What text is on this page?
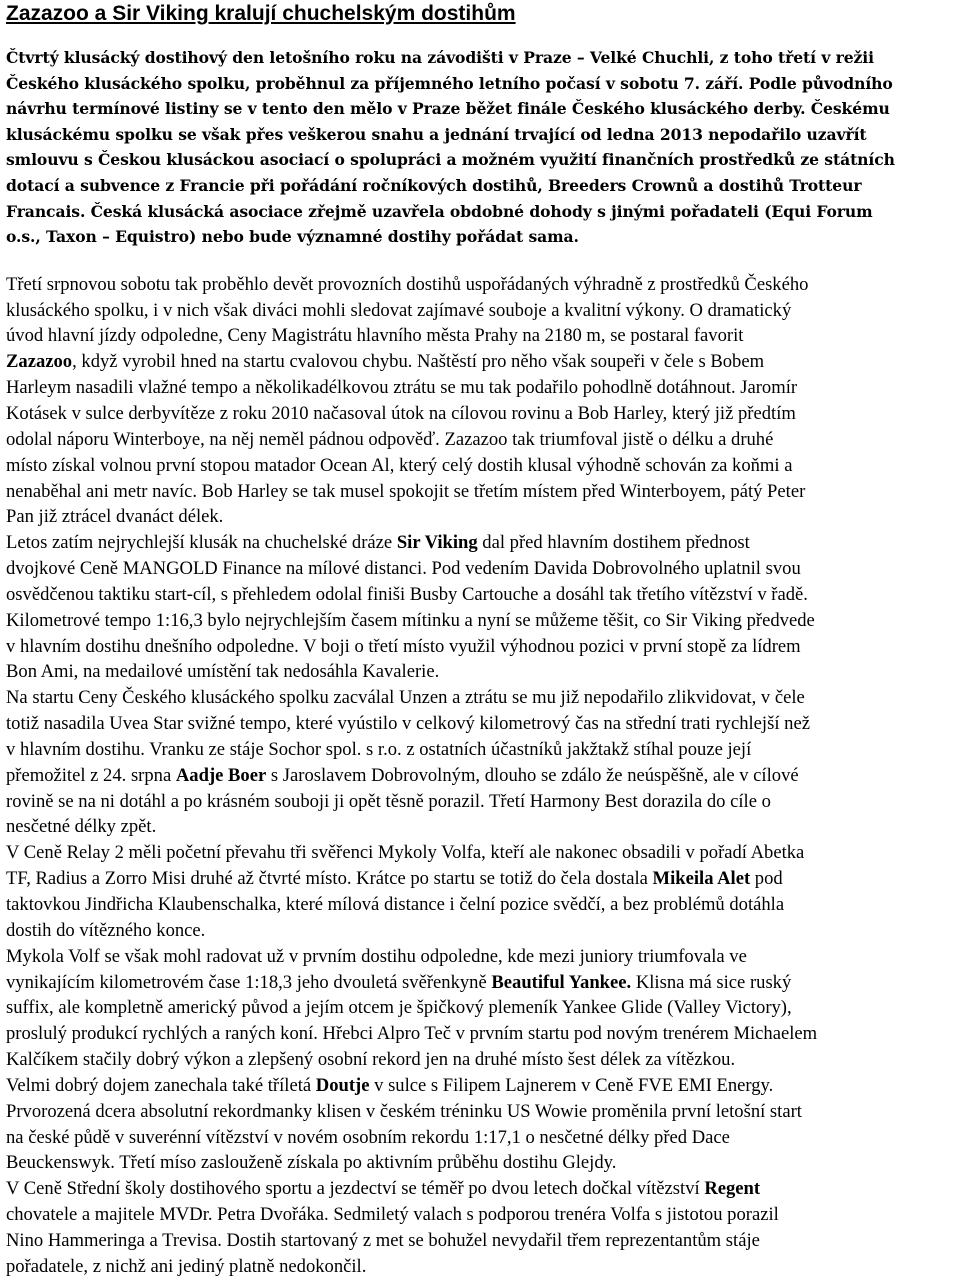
Zazazoo a Sir Viking kralují chuchelským dostihům
Čtvrtý klusácký dostihový den letošního roku na závodišti v Praze – Velké Chuchli, z toho třetí v režii
Českého klusáckého spolku, proběhnul za příjemného letního počasí v sobotu 7. září. Podle původního
návrhu termínové listiny se v tento den mělo v Praze běžet finále Českého klusáckého derby. Českému
klusáckému spolku se však přes veškerou snahu a jednání trvající od ledna 2013 nepodařilo uzavřít
smlouvu s Českou klusáckou asociací o spolupráci a možném využití finančních prostředků ze státních
dotací a subvence z Francie při pořádání ročníkových dostihů, Breeders Crownů a dostihů Trotteur
Francais. Česká klusácká asociace zřejmě uzavřela obdobné dohody s jinými pořadateli (Equi Forum
o.s., Taxon – Equistro) nebo bude významné dostihy pořádat sama.

Třetí srpnovou sobotu tak proběhlo devět provozních dostihů uspořádaných výhradně z prostředků Českého
klusáckého spolku, i v nich však diváci mohli sledovat zajímavé souboje a kvalitní výkony. O dramatický
úvod hlavní jízdy odpoledne, Ceny Magistrátu hlavního města Prahy na 2180 m, se postaral favorit
Zazazoo, když vyrobil hned na startu cvalovou chybu. Naštěstí pro něho však soupeři v čele s Bobem
Harleym nasadili vlažné tempo a několikadélkovou ztrátu se mu tak podařilo pohodlně dotáhnout. Jaromír
Kotásek v sulce derbyvítěze z roku 2010 načasoval útok na cílovou rovinu a Bob Harley, který již předtím
odolal náporu Winterboye, na něj neměl pádnou odpověď. Zazazoo tak triumfoval jistě o délku a druhé
místo získal volnou první stopou matador Ocean Al, který celý dostih klusal výhodně schován za koňmi a
nenaběhal ani metr navíc. Bob Harley se tak musel spokojit se třetím místem před Winterboyem, pátý Peter
Pan již ztrácel dvanáct délek.

Letos zatím nejrychlejší klusák na chuchelské dráze Sir Viking dal před hlavním dostihem přednost
dvojkové Ceně MANGOLD Finance na mílové distanci. Pod vedením Davida Dobrovolného uplatnil svou
osvědčenou taktiku start-cíl, s přehledem odolal finiši Busby Cartouche a dosáhl tak třetího vítězství v řadě.
Kilometrové tempo 1:16,3 bylo nejrychlejším časem mítinku a nyní se můžeme těšit, co Sir Viking předvede
v hlavním dostihu dnešního odpoledne. V boji o třetí místo využil výhodnou pozici v první stopě za lídrem
Bon Ami, na medailové umístění tak nedosáhla Kavalerie.

Na startu Ceny Českého klusáckého spolku zacválal Unzen a ztrátu se mu již nepodařilo zlikvidovat, v čele
totiž nasadila Uvea Star svižné tempo, které vyústilo v celkový kilometrový čas na střední trati rychlejší než
v hlavním dostihu. Vranku ze stáje Sochor spol. s r.o. z ostatních účastníků jakžtakž stíhal pouze její
přemožitel z 24. srpna Aadje Boer s Jaroslavem Dobrovolným, dlouho se zdálo že neúspěšně, ale v cílové
rovině se na ni dotáhl a po krásném souboji ji opět těsně porazil. Třetí Harmony Best dorazila do cíle o
nesčetné délky zpět.

V Ceně Relay 2 měli početní převahu tři svěřenci Mykoly Volfa, kteří ale nakonec obsadili v pořadí Abetka
TF, Radius a Zorro Misi druhé až čtvrté místo. Krátce po startu se totiž do čela dostala Mikeila Alet pod
taktovkou Jindřicha Klaubenschalka, které mílová distance i čelní pozice svědčí, a bez problémů dotáhla
dostih do vítězného konce.

Mykola Volf se však mohl radovat už v prvním dostihu odpoledne, kde mezi juniory triumfovala ve
vynikajícím kilometrovém čase 1:18,3 jeho dvouletá svěřenkyně Beautiful Yankee. Klisna má sice ruský
suffix, ale kompletně americký původ a jejím otcem je špičkový plemeník Yankee Glide (Valley Victory),
proslulý produkcí rychlých a raných koní. Hřebci Alpro Teč v prvním startu pod novým trenérem Michaelem
Kalčíkem stačily dobrý výkon a zlepšený osobní rekord jen na druhé místo šest délek za vítězkou.

Velmi dobrý dojem zanechala také tříletá Doutje v sulce s Filipem Lajnerem v Ceně FVE EMI Energy.
Prvorozená dcera absolutní rekordmanky klisen v českém tréninku US Wowie proměnila první letošní start
na české půdě v suverénní vítězství v novém osobním rekordu 1:17,1 o nesčetné délky před Dace
Beuckenswyk. Třetí míso zaslouženě získala po aktivním průběhu dostihu Glejdy.

V Ceně Střední školy dostihového sportu a jezdectví se téměř po dvou letech dočkal vítězství Regent
chovatele a majitele MVDr. Petra Dvořáka. Sedmiletý valach s podporou trenéra Volfa s jistotou porazil
Nino Hammeringa a Trevisa. Dostih startovaný z met se bohužel nevydařil třem reprezentantům stáje
pořadatele, z nichž ani jediný platně nedokončil.
